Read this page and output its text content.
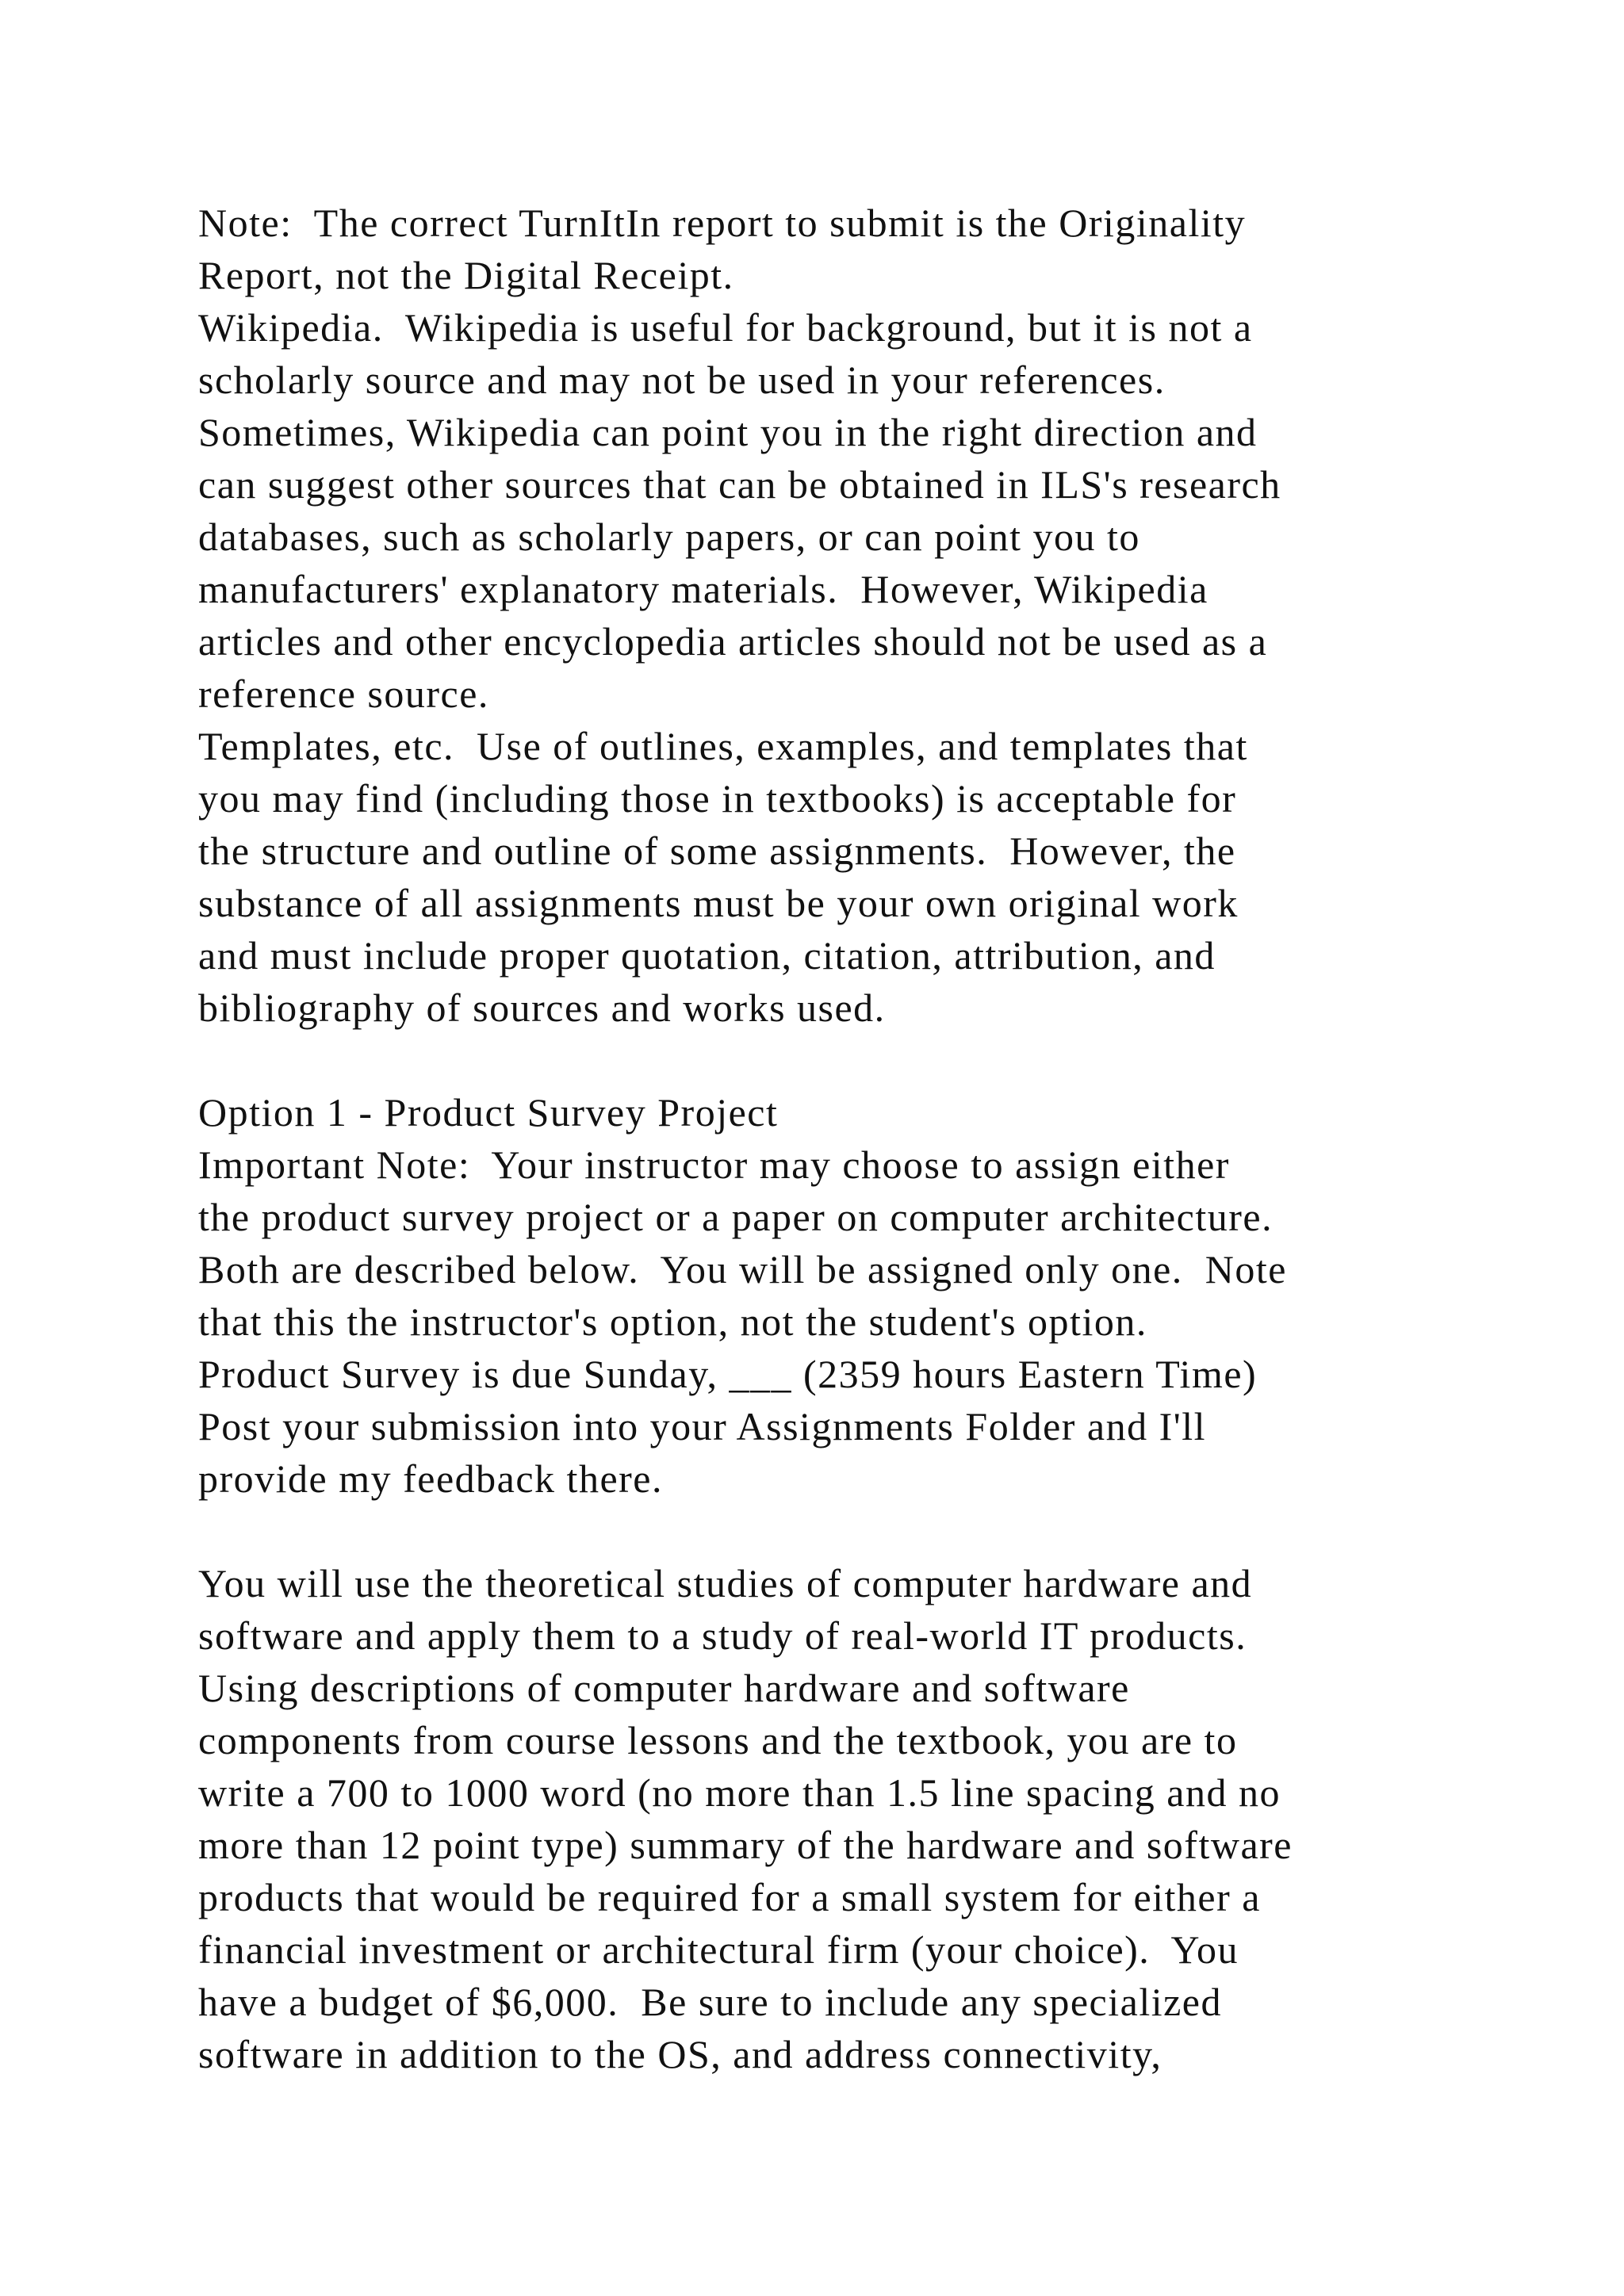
Note:  The correct TurnItIn report to submit is the Originality
Report, not the Digital Receipt.
Wikipedia.  Wikipedia is useful for background, but it is not a
scholarly source and may not be used in your references.
Sometimes, Wikipedia can point you in the right direction and
can suggest other sources that can be obtained in ILS's research
databases, such as scholarly papers, or can point you to
manufacturers' explanatory materials.  However, Wikipedia
articles and other encyclopedia articles should not be used as a
reference source.
Templates, etc.  Use of outlines, examples, and templates that
you may find (including those in textbooks) is acceptable for
the structure and outline of some assignments.  However, the
substance of all assignments must be your own original work
and must include proper quotation, citation, attribution, and
bibliography of sources and works used.
Option 1 - Product Survey Project
Important Note:  Your instructor may choose to assign either
the product survey project or a paper on computer architecture.
Both are described below.  You will be assigned only one.  Note
that this the instructor's option, not the student's option.
Product Survey is due Sunday, ___ (2359 hours Eastern Time)
Post your submission into your Assignments Folder and I'll
provide my feedback there.
You will use the theoretical studies of computer hardware and
software and apply them to a study of real-world IT products.
Using descriptions of computer hardware and software
components from course lessons and the textbook, you are to
write a 700 to 1000 word (no more than 1.5 line spacing and no
more than 12 point type) summary of the hardware and software
products that would be required for a small system for either a
financial investment or architectural firm (your choice).  You
have a budget of $6,000.  Be sure to include any specialized
software in addition to the OS, and address connectivity,
